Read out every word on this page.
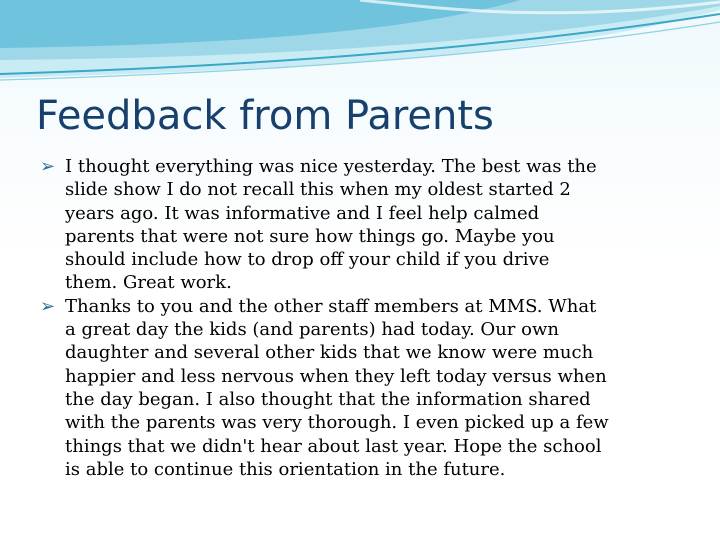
Feedback from Parents
➢ I thought everything was nice yesterday. The best was the
slide show I do not recall this when my oldest started 2
years ago. It was informative and I feel help calmed
parents that were not sure how things go. Maybe you
should include how to drop off your child if you drive
them. Great work.
➢ Thanks to you and the other staff members at MMS. What
a great day the kids (and parents) had today. Our own
daughter and several other kids that we know were much
happier and less nervous when they left today versus when
the day began. I also thought that the information shared
with the parents was very thorough. I even picked up a few
things that we didn't hear about last year. Hope the school
is able to continue this orientation in the future.
